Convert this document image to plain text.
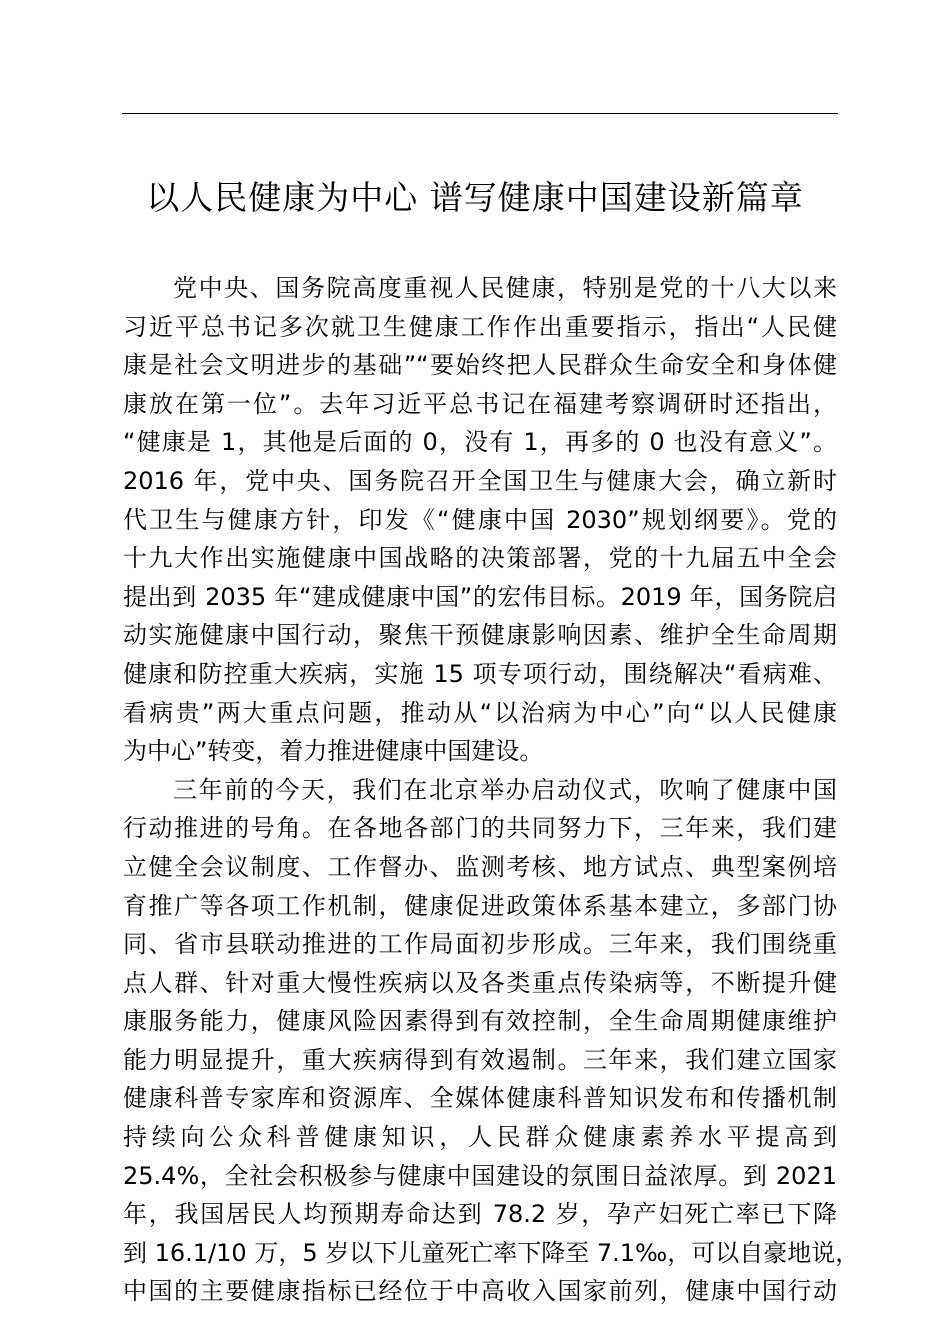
以人民健康为中心 谱写健康中国建设新篇章
党中央、国务院高度重视人民健康，特别是党的十八大以来
习近平总书记多次就卫生健康工作作出重要指示，指出“人民健
康是社会文明进步的基础”“要始终把人民群众生命安全和身体健
康放在第一位”。去年习近平总书记在福建考察调研时还指出，
“健康是 1，其他是后面的 0，没有 1，再多的 0 也没有意义”。
2016 年，党中央、国务院召开全国卫生与健康大会，确立新时
代卫生与健康方针，印发《“健康中国 2030”规划纲要》。党的
十九大作出实施健康中国战略的决策部署，党的十九届五中全会
提出到 2035 年“建成健康中国”的宏伟目标。2019 年，国务院启
动实施健康中国行动，聚焦干预健康影响因素、维护全生命周期
健康和防控重大疾病，实施 15 项专项行动，围绕解决“看病难、
看病贵”两大重点问题，推动从“以治病为中心”向“以人民健康
为中心”转变，着力推进健康中国建设。
三年前的今天，我们在北京举办启动仪式，吹响了健康中国
行动推进的号角。在各地各部门的共同努力下，三年来，我们建
立健全会议制度、工作督办、监测考核、地方试点、典型案例培
育推广等各项工作机制，健康促进政策体系基本建立，多部门协
同、省市县联动推进的工作局面初步形成。三年来，我们围绕重
点人群、针对重大慢性疾病以及各类重点传染病等，不断提升健
康服务能力，健康风险因素得到有效控制，全生命周期健康维护
能力明显提升，重大疾病得到有效遏制。三年来，我们建立国家
健康科普专家库和资源库、全媒体健康科普知识发布和传播机制
持续向公众科普健康知识，人民群众健康素养水平提高到
25.4%，全社会积极参与健康中国建设的氛围日益浓厚。到 2021
年，我国居民人均预期寿命达到 78.2 岁，孕产妇死亡率已下降
到 16.1/10 万，5 岁以下儿童死亡率下降至 7.1‰，可以自豪地说，
中国的主要健康指标已经位于中高收入国家前列，健康中国行动
